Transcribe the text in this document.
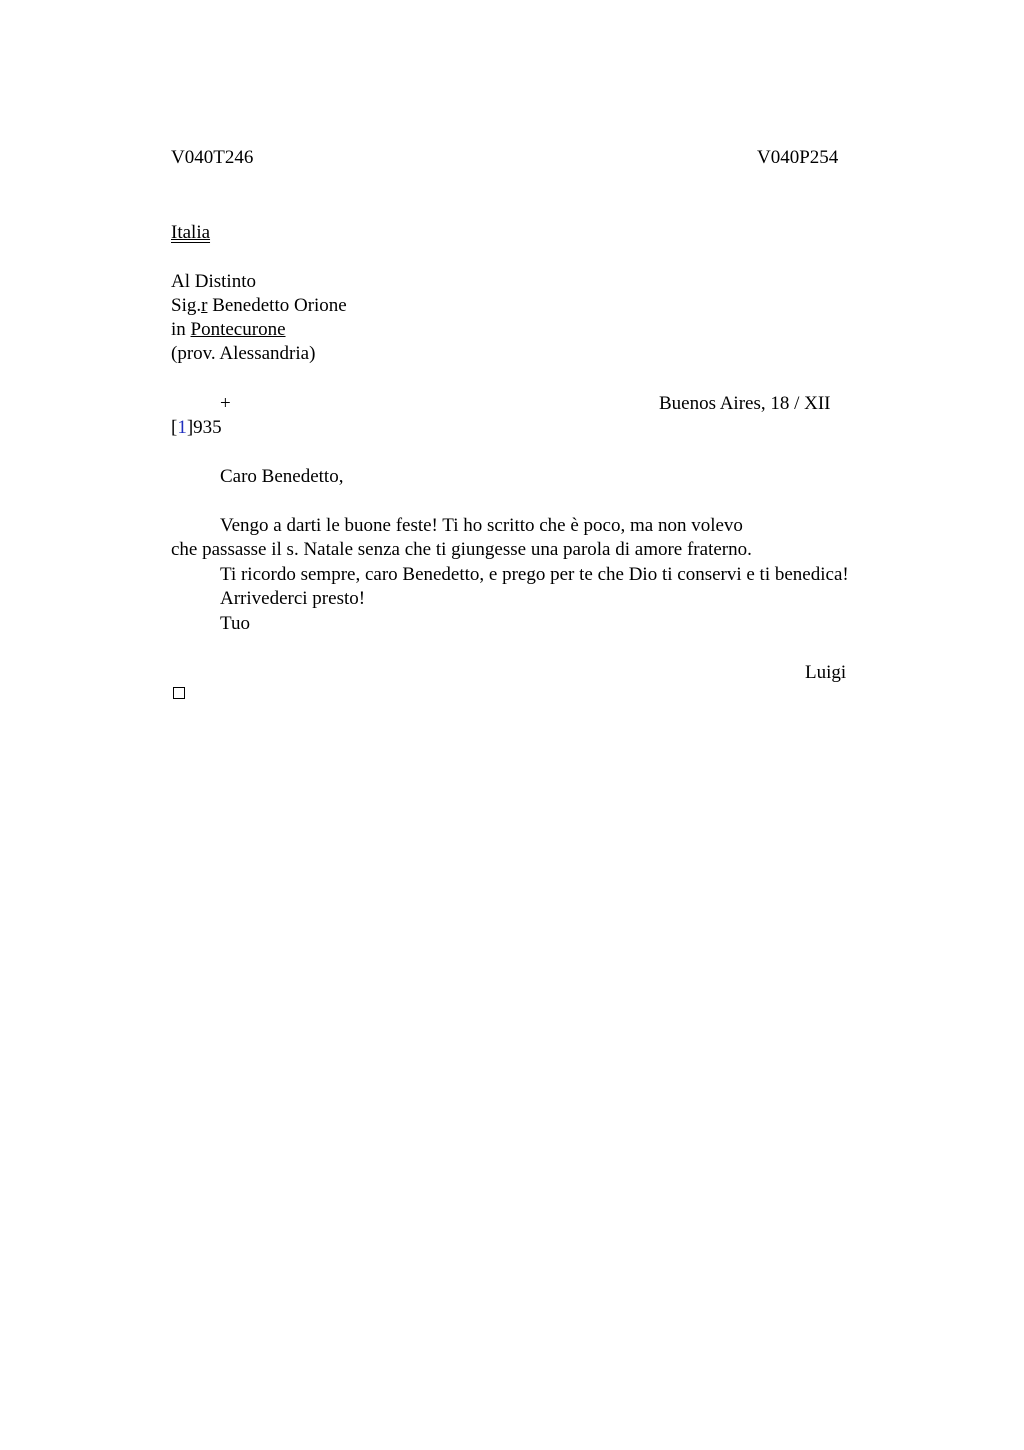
V040T246	V040P254
Italia
Al Distinto
Sig.r Benedetto Orione
in Pontecurone
(prov. Alessandria)
+	Buenos Aires, 18 / XII
[1]935
Caro Benedetto,
Vengo a darti le buone feste! Ti ho scritto che è poco, ma non volevo
che passasse il s. Natale senza che ti giungesse una parola di amore fraterno.
Ti ricordo sempre, caro Benedetto, e prego per te che Dio ti conservi e ti benedica!
Arrivederci presto!
Tuo
Luigi
